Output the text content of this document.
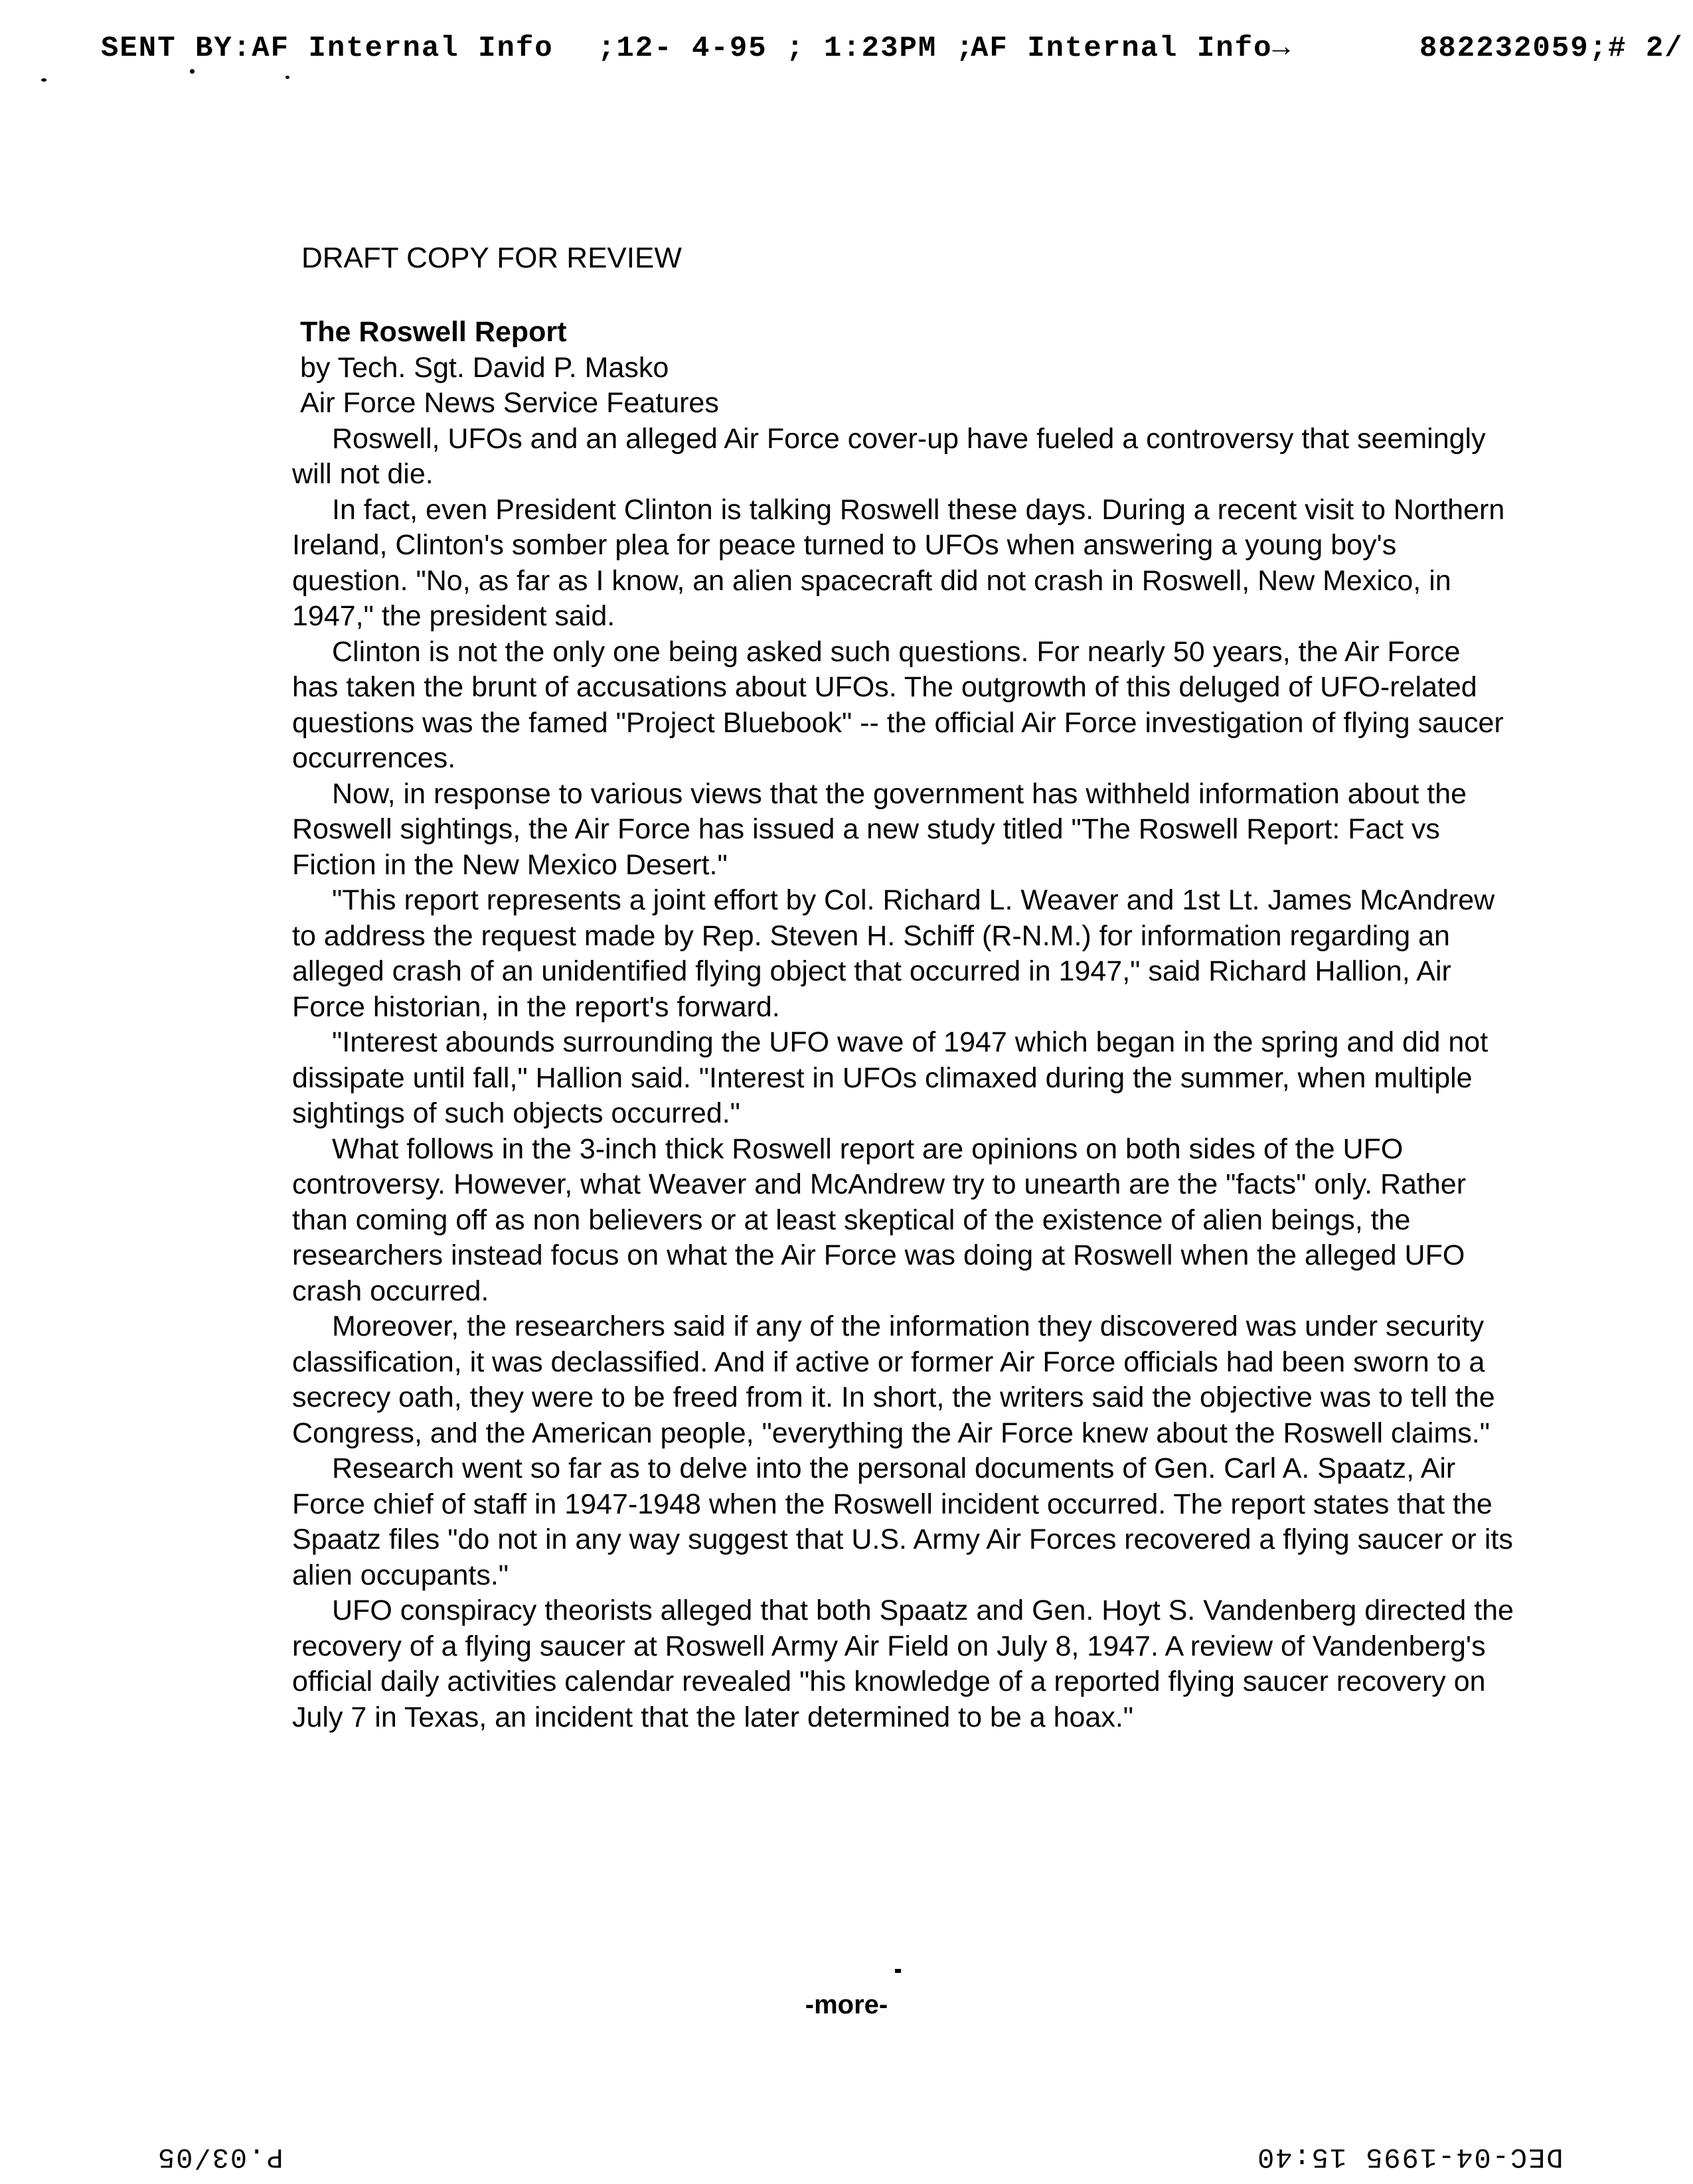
SENT BY:AF Internal Info ;12- 4-95 ; 1:23PM ;
AF Internal Info→	882232059;# 2/
DRAFT COPY FOR REVIEW
The Roswell Report
by Tech. Sgt. David P. Masko
Air Force News Service Features

Roswell, UFOs and an alleged Air Force cover-up have fueled a controversy that seemingly will not die.

In fact, even President Clinton is talking Roswell these days. During a recent visit to Northern Ireland, Clinton's somber plea for peace turned to UFOs when answering a young boy's question. "No, as far as I know, an alien spacecraft did not crash in Roswell, New Mexico, in 1947," the president said.

Clinton is not the only one being asked such questions. For nearly 50 years, the Air Force has taken the brunt of accusations about UFOs. The outgrowth of this deluged of UFO-related questions was the famed "Project Bluebook" -- the official Air Force investigation of flying saucer occurrences.

Now, in response to various views that the government has withheld information about the Roswell sightings, the Air Force has issued a new study titled "The Roswell Report: Fact vs Fiction in the New Mexico Desert."

"This report represents a joint effort by Col. Richard L. Weaver and 1st Lt. James McAndrew to address the request made by Rep. Steven H. Schiff (R-N.M.) for information regarding an alleged crash of an unidentified flying object that occurred in 1947," said Richard Hallion, Air Force historian, in the report's forward.

"Interest abounds surrounding the UFO wave of 1947 which began in the spring and did not dissipate until fall," Hallion said. "Interest in UFOs climaxed during the summer, when multiple sightings of such objects occurred."

What follows in the 3-inch thick Roswell report are opinions on both sides of the UFO controversy. However, what Weaver and McAndrew try to unearth are the "facts" only. Rather than coming off as non believers or at least skeptical of the existence of alien beings, the researchers instead focus on what the Air Force was doing at Roswell when the alleged UFO crash occurred.

Moreover, the researchers said if any of the information they discovered was under security classification, it was declassified. And if active or former Air Force officials had been sworn to a secrecy oath, they were to be freed from it. In short, the writers said the objective was to tell the Congress, and the American people, "everything the Air Force knew about the Roswell claims."

Research went so far as to delve into the personal documents of Gen. Carl A. Spaatz, Air Force chief of staff in 1947-1948 when the Roswell incident occurred. The report states that the Spaatz files "do not in any way suggest that U.S. Army Air Forces recovered a flying saucer or its alien occupants."

UFO conspiracy theorists alleged that both Spaatz and Gen. Hoyt S. Vandenberg directed the recovery of a flying saucer at Roswell Army Air Field on July 8, 1947. A review of Vandenberg's official daily activities calendar revealed "his knowledge of a reported flying saucer recovery on July 7 in Texas, an incident that the later determined to be a hoax."

-more-
P.03/05	DEC-04-1995 15:40
